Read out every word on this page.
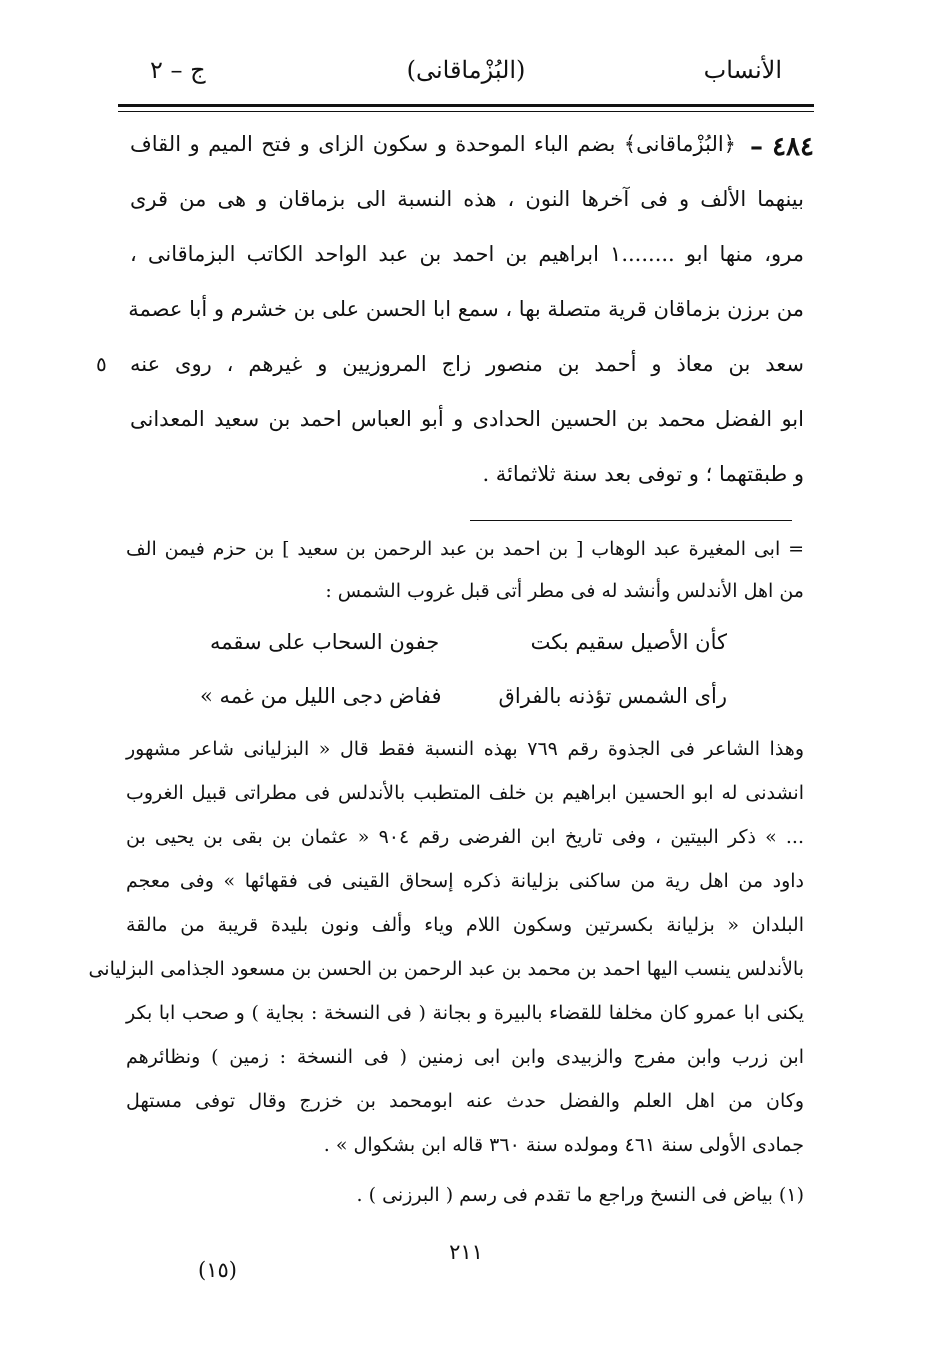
الأنساب
(البُزْماقانى)
ج – ٢
٤٨٤ –
﴿البُزْماقانى﴾ بضم الباء الموحدة و سكون الزاى و فتح الميم و القاف
بينهما الألف و فى آخرها النون ، هذه النسبة الى بزماقان و هى من قرى
مرو، منها ابو ........١ ابراهيم بن احمد بن عبد الواحد الكاتب البزماقانى ،
من برزن بزماقان قرية متصلة بها ، سمع ابا الحسن على بن خشرم و أبا عصمة
سعد بن معاذ و أحمد بن منصور زاج المروزيين و غيرهم ، روى عنه
ابو الفضل محمد بن الحسين الحدادى و أبو العباس احمد بن سعيد المعدانى
و طبقتهما ؛ و توفى بعد سنة ثلاثمائة .
٥
= ابى المغيرة عبد الوهاب [ بن احمد بن عبد الرحمن بن سعيد ] بن حزم فيمن الف
من اهل الأندلس وأنشد له فى مطر أتى قبل غروب الشمس :
كأن الأصيل سقيم بكت
جفون السحاب على سقمه
رأى الشمس تؤذنه بالفراق
ففاض دجى الليل من غمه »
وهذا الشاعر فى الجذوة رقم ٧٦٩ بهذه النسبة فقط قال « البزليانى شاعر مشهور
انشدنى له ابو الحسين ابراهيم بن خلف المتطبب بالأندلس فى مطراتى قبيل الغروب
... » ذكر البيتين ، وفى تاريخ ابن الفرضى رقم ٩٠٤ « عثمان بن بقى بن يحيى بن
داود من اهل رية من ساكنى بزليانة ذكره إسحاق القينى فى فقهائها » وفى معجم
البلدان « بزليانة بكسرتين وسكون اللام وياء وألف ونون بليدة قريبة من مالقة
بالأندلس ينسب اليها احمد بن محمد بن عبد الرحمن بن الحسن بن مسعود الجذامى البزليانى
يكنى ابا عمرو كان مخلفا للقضاء بالبيرة و بجانة ( فى النسخة : بجاية ) و صحب ابا بكر
ابن زرب وابن مفرج والزبيدى وابن ابى زمنين ( فى النسخة : زمين ) ونظائرهم
وكان من اهل العلم والفضل حدث عنه ابومحمد بن خزرج وقال توفى مستهل
جمادى الأولى سنة ٤٦١ ومولده سنة ٣٦٠ قاله ابن بشكوال » .
(١) بياض فى النسخ وراجع ما تقدم فى رسم ( البرزنى ) .
٢١١
(١٥)
